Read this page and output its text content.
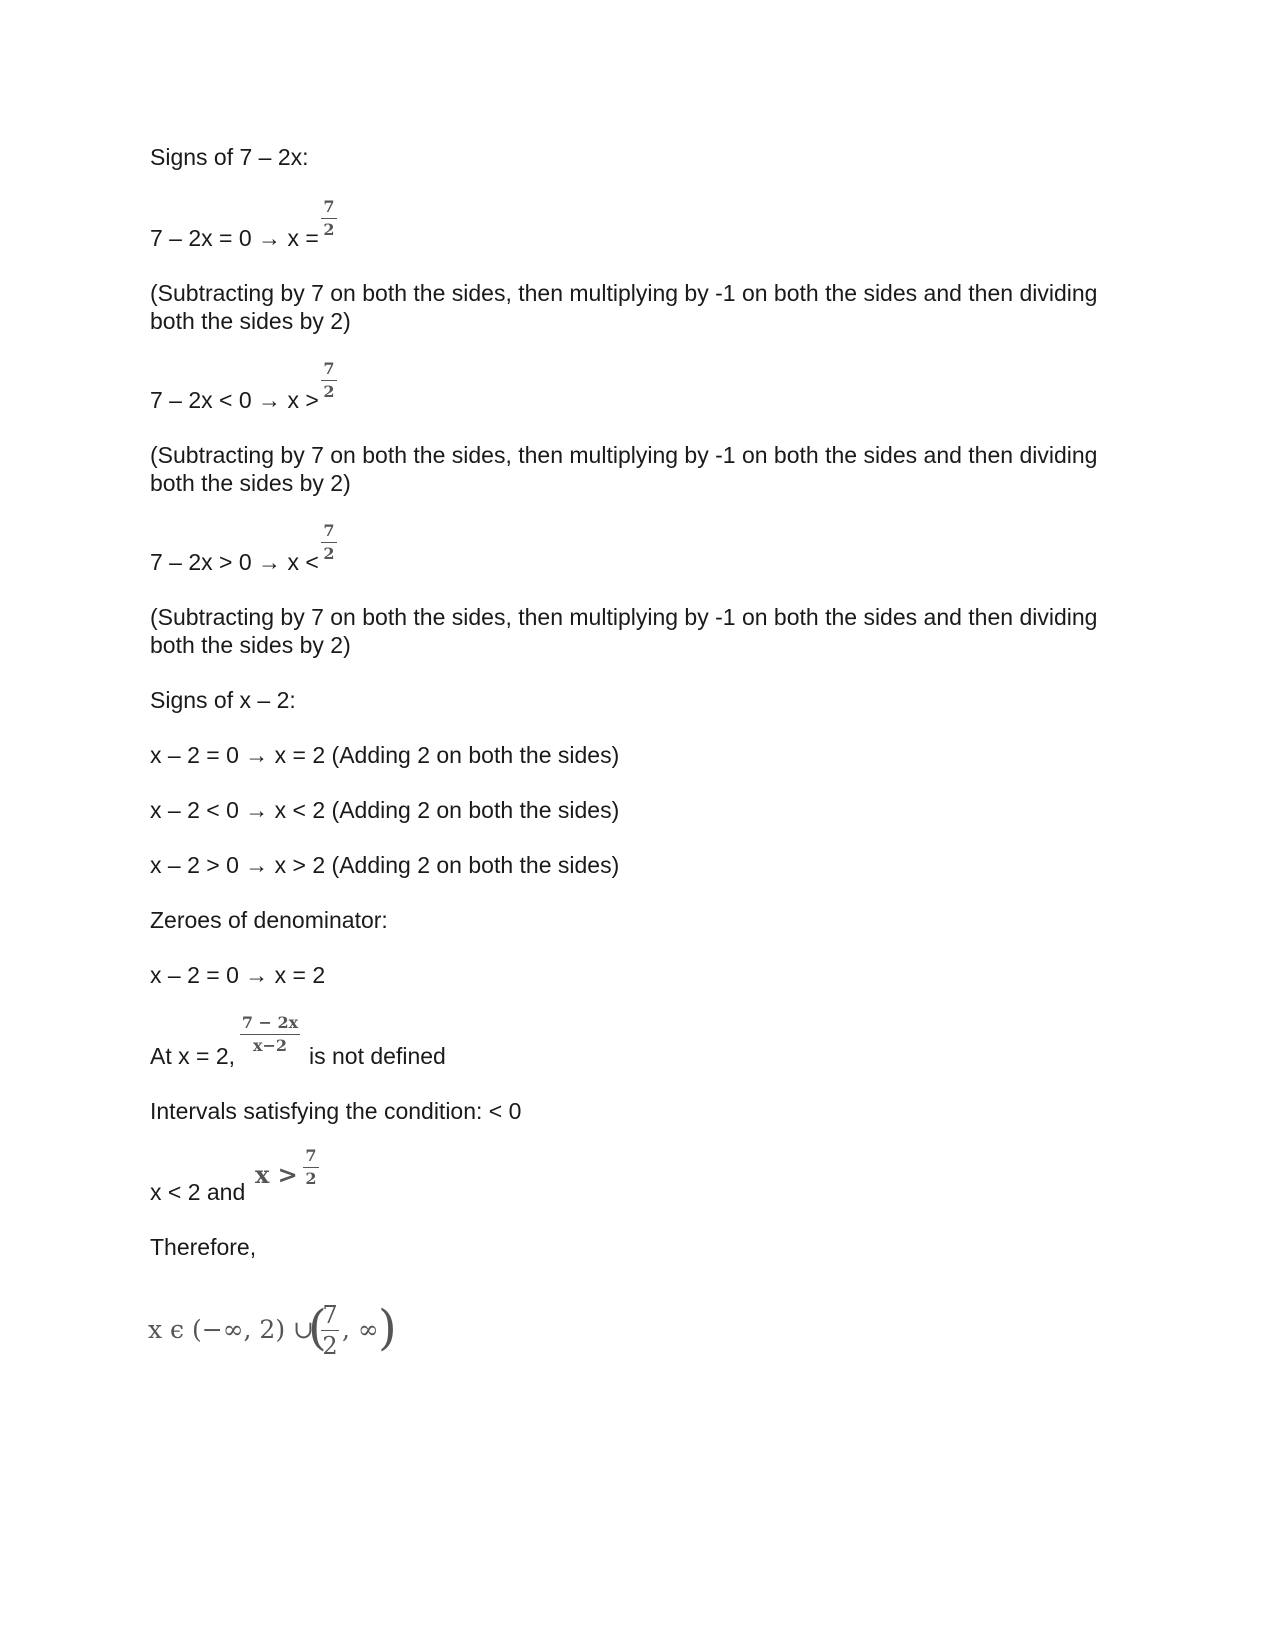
Signs of 7 – 2x:
7 – 2x = 0 → x =
7
2
(Subtracting by 7 on both the sides, then multiplying by -1 on both the sides and then dividing both the sides by 2)
7 – 2x < 0 → x >
7
2
(Subtracting by 7 on both the sides, then multiplying by -1 on both the sides and then dividing both the sides by 2)
7 – 2x > 0 → x <
7
2
(Subtracting by 7 on both the sides, then multiplying by -1 on both the sides and then dividing both the sides by 2)
Signs of x – 2:
x – 2 = 0 → x = 2 (Adding 2 on both the sides)
x – 2 < 0 → x < 2 (Adding 2 on both the sides)
x – 2 > 0 → x > 2 (Adding 2 on both the sides)
Zeroes of denominator:
x – 2 = 0 → x = 2
At x = 2,
7 − 2x
x−2 is not defined
Intervals satisfying the condition: < 0
x < 2 and
x >
7
2
Therefore,
x ϵ (−∞, 2) ∪
(
7
2
, ∞ )
